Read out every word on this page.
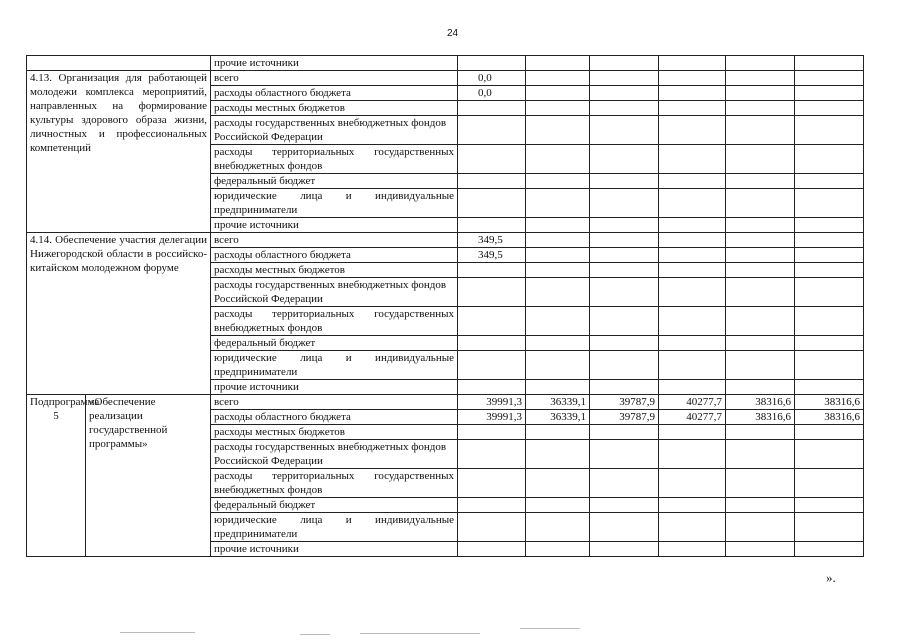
24
		прочие источники						
4.13. Организация для работающей молодежи комплекса мероприятий, направленных на формирование культуры здорового образа жизни, личностных и профессиональных компетенций		всего	0,0					
		расходы областного бюджета	0,0					
		расходы местных бюджетов						
		расходы государственных внебюджетных фондов Российской Федерации						
		расходы территориальных государственных внебюджетных фондов						
		федеральный бюджет						
		юридические лица и индивидуальные предприниматели						
		прочие источники						
4.14. Обеспечение участия делегации Нижегородской области в российско-китайском молодежном форуме		всего	349,5					
		расходы областного бюджета	349,5					
		расходы местных бюджетов						
		расходы государственных внебюджетных фондов Российской Федерации						
		расходы территориальных государственных внебюджетных фондов						
		федеральный бюджет						
		юридические лица и индивидуальные предприниматели						
		прочие источники						
Подпрограмма 5	«Обеспечение реализации государственной программы»	всего	39991,3	36339,1	39787,9	40277,7	38316,6	38316,6
		расходы областного бюджета	39991,3	36339,1	39787,9	40277,7	38316,6	38316,6
		расходы местных бюджетов						
		расходы государственных внебюджетных фондов Российской Федерации						
		расходы территориальных государственных внебюджетных фондов						
		федеральный бюджет						
		юридические лица и индивидуальные предприниматели						
		прочие источники						
».
